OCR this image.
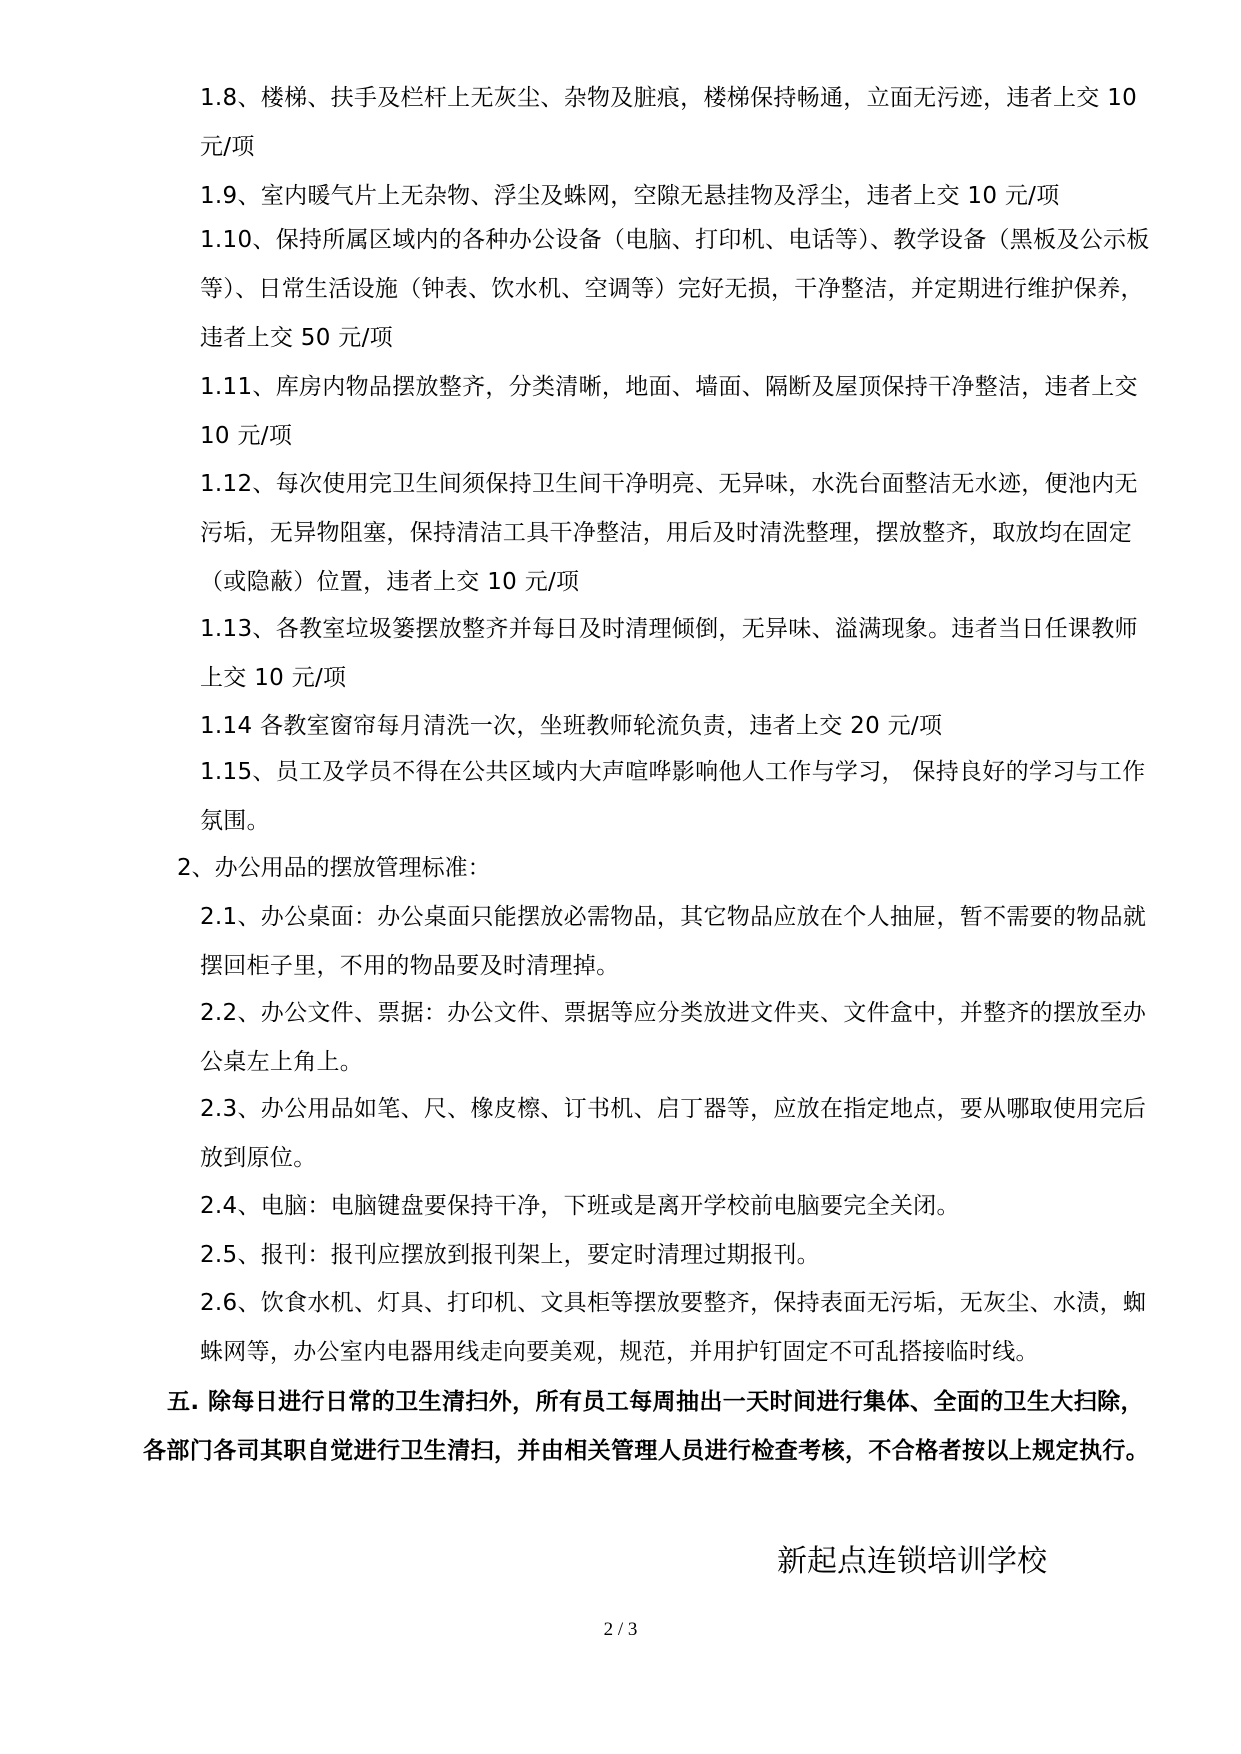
1.8、楼梯、扶手及栏杆上无灰尘、杂物及脏痕，楼梯保持畅通，立面无污迹，违者上交 10 元/项

1.9、室内暖气片上无杂物、浮尘及蛛网，空隙无悬挂物及浮尘，违者上交 10 元/项

1.10、保持所属区域内的各种办公设备（电脑、打印机、电话等）、教学设备（黑板及公示板等）、日常生活设施（钟表、饮水机、空调等）完好无损，干净整洁，并定期进行维护保养，违者上交 50 元/项

1.11、库房内物品摆放整齐，分类清晰，地面、墙面、隔断及屋顶保持干净整洁，违者上交 10 元/项

1.12、每次使用完卫生间须保持卫生间干净明亮、无异味，水洗台面整洁无水迹，便池内无污垢，无异物阻塞，保持清洁工具干净整洁，用后及时清洗整理，摆放整齐，取放均在固定（或隐蔽）位置，违者上交 10 元/项

1.13、各教室垃圾篓摆放整齐并每日及时清理倾倒，无异味、溢满现象。违者当日任课教师上交 10 元/项

1.14 各教室窗帘每月清洗一次，坐班教师轮流负责，违者上交 20 元/项

1.15、员工及学员不得在公共区域内大声喧哗影响他人工作与学习， 保持良好的学习与工作氛围。

2、办公用品的摆放管理标准：

2.1、办公桌面：办公桌面只能摆放必需物品，其它物品应放在个人抽屉，暂不需要的物品就摆回柜子里，不用的物品要及时清理掉。

2.2、办公文件、票据：办公文件、票据等应分类放进文件夹、文件盒中，并整齐的摆放至办公桌左上角上。

2.3、办公用品如笔、尺、橡皮檫、订书机、启丁器等，应放在指定地点，要从哪取使用完后放到原位。

2.4、电脑：电脑键盘要保持干净，下班或是离开学校前电脑要完全关闭。

2.5、报刊：报刊应摆放到报刊架上，要定时清理过期报刊。

2.6、饮食水机、灯具、打印机、文具柜等摆放要整齐，保持表面无污垢，无灰尘、水渍，蜘蛛网等，办公室内电器用线走向要美观，规范，并用护钉固定不可乱搭接临时线。

五. 除每日进行日常的卫生清扫外，所有员工每周抽出一天时间进行集体、全面的卫生大扫除，各部门各司其职自觉进行卫生清扫，并由相关管理人员进行检查考核，不合格者按以上规定执行。

新起点连锁培训学校

2 / 3
